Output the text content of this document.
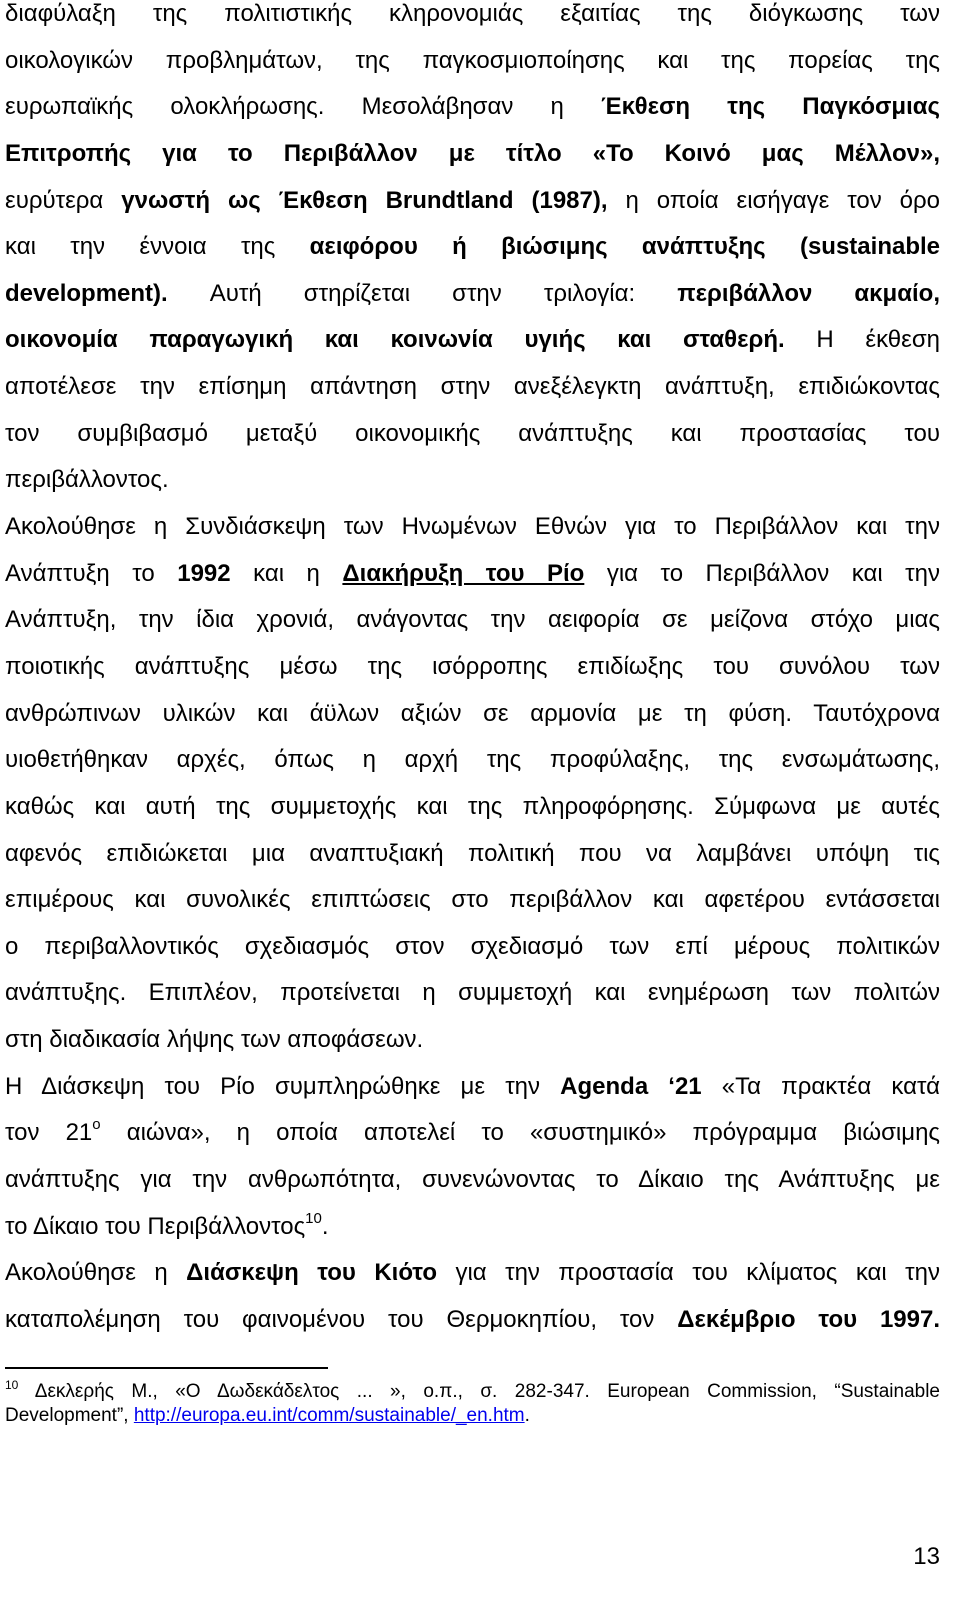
διαφύλαξη της πολιτιστικής κληρονομιάς εξαιτίας της διόγκωσης των
οικολογικών προβλημάτων, της παγκοσμιοποίησης και της πορείας της
ευρωπαϊκής ολοκλήρωσης. Μεσολάβησαν η Έκθεση της Παγκόσμιας
Επιτροπής για το Περιβάλλον με τίτλο «Το Κοινό μας Μέλλον»,
ευρύτερα γνωστή ως Έκθεση Brundtland (1987), η οποία εισήγαγε τον όρο
και την έννοια της αειφόρου ή βιώσιμης ανάπτυξης (sustainable
development). Αυτή στηρίζεται στην τριλογία: περιβάλλον ακμαίο,
οικονομία παραγωγική και κοινωνία υγιής και σταθερή. Η έκθεση
αποτέλεσε την επίσημη απάντηση στην ανεξέλεγκτη ανάπτυξη, επιδιώκοντας
τον συμβιβασμό μεταξύ οικονομικής ανάπτυξης και προστασίας του
περιβάλλοντος.
Ακολούθησε η Συνδιάσκεψη των Ηνωμένων Εθνών για το Περιβάλλον και την
Ανάπτυξη το 1992 και η Διακήρυξη του Ρίο για το Περιβάλλον και την
Ανάπτυξη, την ίδια χρονιά, ανάγοντας την αειφορία σε μείζονα στόχο μιας
ποιοτικής ανάπτυξης μέσω της ισόρροπης επιδίωξης του συνόλου των
ανθρώπινων υλικών και άϋλων αξιών σε αρμονία με τη φύση. Ταυτόχρονα
υιοθετήθηκαν αρχές, όπως η αρχή της προφύλαξης, της ενσωμάτωσης,
καθώς και αυτή της συμμετοχής και της πληροφόρησης. Σύμφωνα με αυτές
αφενός επιδιώκεται μια αναπτυξιακή πολιτική που να λαμβάνει υπόψη τις
επιμέρους και συνολικές επιπτώσεις στο περιβάλλον και αφετέρου εντάσσεται
ο περιβαλλοντικός σχεδιασμός στον σχεδιασμό των επί μέρους πολιτικών
ανάπτυξης. Επιπλέον, προτείνεται η συμμετοχή και ενημέρωση των πολιτών
στη διαδικασία λήψης των αποφάσεων.
Η Διάσκεψη του Ρίο συμπληρώθηκε με την Agenda ‘21 «Τα πρακτέα κατά
τον $21^o$ αιώνα», η οποία αποτελεί το «συστημικό» πρόγραμμα βιώσιμης
ανάπτυξης για την ανθρωπότητα, συνενώνοντας το Δίκαιο της Ανάπτυξης με
το Δίκαιο του Περιβάλλοντος$^{10}$.
Ακολούθησε η Διάσκεψη του Κιότο για την προστασία του κλίματος και την
καταπολέμηση του φαινομένου του Θερμοκηπίου, τον Δεκέμβριο του 1997.
$^{10}$ Δεκλερής Μ., «Ο Δωδεκάδελτος ... », ο.π., σ. 282-347. European Commission, “Sustainable
Development”, http://europa.eu.int/comm/sustainable/_en.htm.
13
